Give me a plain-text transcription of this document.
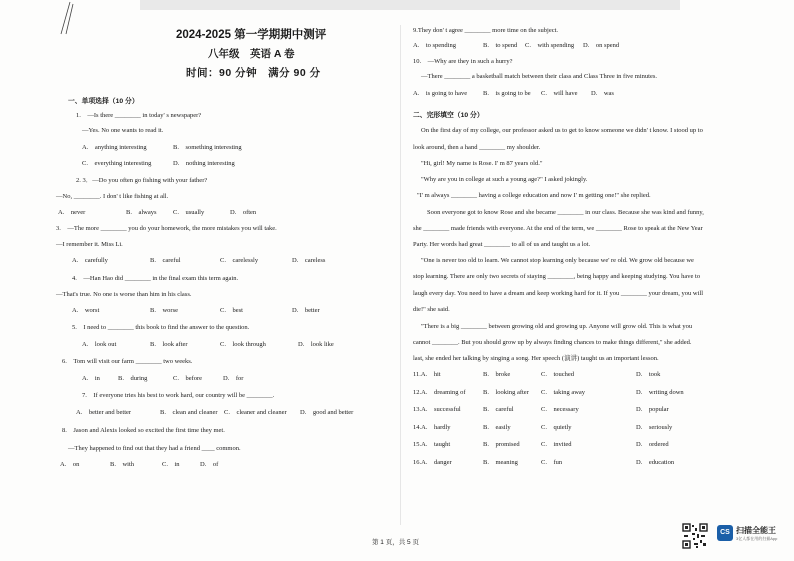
2024-2025 第一学期期中测评
八年级　英语 A 卷
时间：90 分钟　满分 90 分
一、单项选择（10 分）
1.　—Is there ________ in today' s newspaper?
—Yes. No one wants to read it.
A.　anything interesting	B.　something interesting
C.　everything interesting	D.　nothing interesting
2. 3．—Do you often go fishing with your father?
—No, ________. I don' t like fishing at all.
A.　never	B.　always	C.　usually	D.　often
3.　—The more ________ you do your homework, the more mistakes you will take.
—I remember it. Miss Li.
A.　carefully	B.　careful	C.　carelessly	D.　careless
4.　—Han Hao did ________ in the final exam this term again.
—That's true. No one is worse than him in his class.
A.　worst	B.　worse	C.　best	D.　better
5.　I need to ________ this book to find the answer to the question.
A.　look out	B.　look after	C.　look through	D.　look like
6.　Tom will visit our farm ________ two weeks.
A.　in	B.　during	C.　before	D.　for
7.　If everyone tries his best to work hard, our country will be ________.
A.　better and better	B.　clean and cleaner C.　cleaner and cleaner D.　good and better
8.　Jason and Alexis looked so excited the first time they met.
—They happened to find out that they had a friend ____ common.
A.　on	B.　with	C.　in	D.　of
9.They don' t agree ________ more time on the subject.
A.　to spending	B.　to spend C.　with spending D.　on spend
10.　—Why are they in such a hurry?
—There ________ a basketball match between their class and Class Three in five minutes.
A.　is going to have B.　is going to be C.　will have D.　was
二、完形填空（10 分）
On the first day of my college, our professor asked us to get to know someone we didn' t know. I stood up to
look around, then a hand ________ my shoulder.
"Hi, girl! My name is Rose. I' m 87 years old."
"Why are you in college at such a young age?" I asked jokingly.
"I' m always ________ having a college education and now I' m getting one!" she replied.
Soon everyone got to know Rose and she became ________ in our class. Because she was kind and funny,
she ________ made friends with everyone. At the end of the term, we ________ Rose to speak at the New Year
Party. Her words had great ________ to all of us and taught us a lot.
"One is never too old to learn. We cannot stop learning only because we' re old. We grow old because we
stop learning. There are only two secrets of staying ________, being happy and keeping studying. You have to
laugh every day. You need to have a dream and keep working hard for it. If you ________ your dream, you will
die!" she said.
"There is a big ________ between growing old and growing up. Anyone will grow old. This is what you
cannot ________. But you should grow up by always finding chances to make things different," she added.
last, she ended her talking by singing a song. Her speech (演讲) taught us an important lesson.
11.A.　hit	B.　broke	C.　touched	D.　took
12.A.　dreaming of	B.　looking after C.　taking away	D.　writing down
13.A.　successful	B.　careful	C.　necessary	D.　popular
14.A.　hardly	B.　easily	C.　quietly	D.　seriously
15.A.　taught	B.　promised	C.　invited	D.　ordered
16.A.　danger	B.　meaning	C.　fun	D.　education
第 1 页，共 5 页
CS 扫描全能王
3亿人都在用的扫描App
